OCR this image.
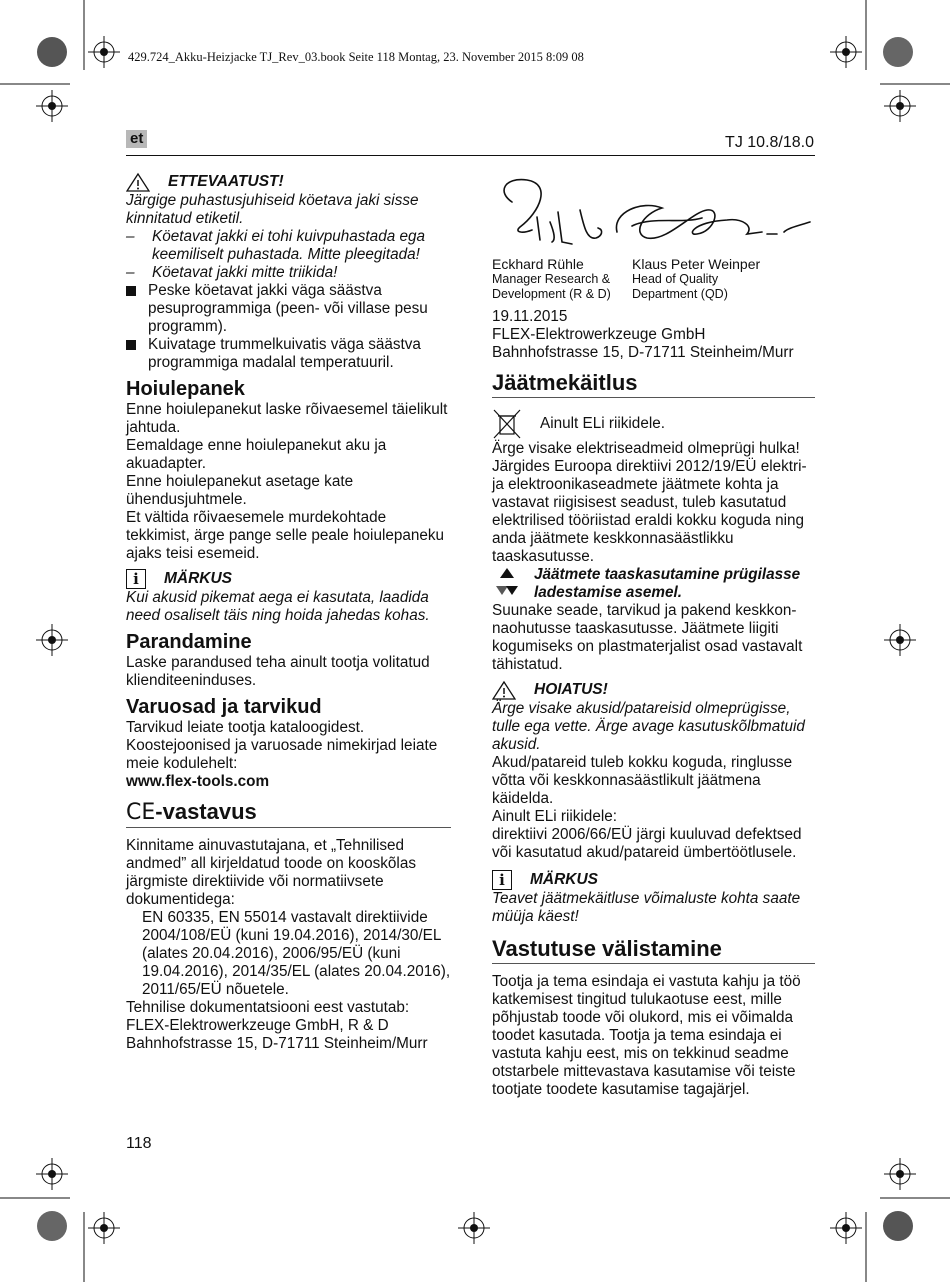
429.724_Akku-Heizjacke TJ_Rev_03.book Seite 118 Montag, 23. November 2015 8:09 08
et	TJ 10.8/18.0
ETTEVAATUST!

Järgige puhastusjuhiseid köetava jaki sisse kinnitatud etiketil.

–	Köetavat jakki ei tohi kuivpuhastada ega keemiliselt puhastada. Mitte pleegitada!
–	Köetavat jakki mitte triikida!
Peske köetavat jakki väga säästva pesuprogrammiga (peen- või villase pesu programm).
Kuivatage trummelkuivatis väga säästva programmiga madalal temperatuuril.
Hoiulepanek

Enne hoiulepanekut laske rõivaesemel täielikult jahtuda.

Eemaldage enne hoiulepanekut aku ja akuadapter.

Enne hoiulepanekut asetage kate ühendusjuhtmele.

Et vältida rõivaesemele murdekohtade tekkimist, ärge pange selle peale hoiulepaneku ajaks teisi esemeid.

i	MÄRKUS

Kui akusid pikemat aega ei kasutata, laadida need osaliselt täis ning hoida jahedas kohas.

Parandamine

Laske parandused teha ainult tootja volitatud klienditeeninduses.

Varuosad ja tarvikud

Tarvikud leiate tootja kataloogidest. Koostejoonised ja varuosade nimekirjad leiate meie kodulehelt:

www.flex-tools.com

CE-vastavus

Kinnitame ainuvastutajana, et „Tehnilised andmed” all kirjeldatud toode on kooskõlas järgmiste direktiivide või normatiivsete dokumentidega:

EN 60335, EN 55014 vastavalt direktiivide 2004/108/EÜ (kuni 19.04.2016), 2014/30/EL (alates 20.04.2016), 2006/95/EÜ (kuni 19.04.2016), 2014/35/EL (alates 20.04.2016), 2011/65/EÜ nõuetele.

Tehnilise dokumentatsiooni eest vastutab:

FLEX-Elektrowerkzeuge GmbH, R & D

Bahnhofstrasse 15, D-71711 Steinheim/Murr

Eckhard Rühle
Manager Research &
Development (R & D)
Klaus Peter Weinper
Head of Quality
Department (QD)

19.11.2015

FLEX-Elektrowerkzeuge GmbH

Bahnhofstrasse 15, D-71711 Steinheim/Murr

Jäätmekäitlus
Ainult ELi riikidele.

Ärge visake elektriseadmeid olmeprügi hulka! Järgides Euroopa direktiivi 2012/19/EÜ elektri- ja elektroonikaseadmete jäätmete kohta ja vastavat riigisisest seadust, tuleb kasutatud elektrilised tööriistad eraldi kokku koguda ning anda jäätmete keskkonnasäästlikku taaskasutusse.

Jäätmete taaskasutamine prügilasse ladestamise asemel.

Suunake seade, tarvikud ja pakend keskkonnaohutusse taaskasutusse. Jäätmete liigiti kogumiseks on plastmaterjalist osad vastavalt tähistatud.

HOIATUS!

Ärge visake akusid/patareisid olmeprügisse, tulle ega vette. Ärge avage kasutuskõlbmatuid akusid.

Akud/patareid tuleb kokku koguda, ringlusse võtta või keskkonnasäästlikult jäätmena käidelda.

Ainult ELi riikidele:

direktiivi 2006/66/EÜ järgi kuuluvad defektsed või kasutatud akud/patareid ümbertöötlusele.

i	MÄRKUS

Teavet jäätmekäitluse võimaluste kohta saate müüja käest!

Vastutuse välistamine

Tootja ja tema esindaja ei vastuta kahju ja töö katkemisest tingitud tulukaotuse eest, mille põhjustab toode või olukord, mis ei võimalda toodet kasutada. Tootja ja tema esindaja ei vastuta kahju eest, mis on tekkinud seadme otstarbele mittevastava kasutamise või teiste tootjate toodete kasutamise tagajärjel.

118
